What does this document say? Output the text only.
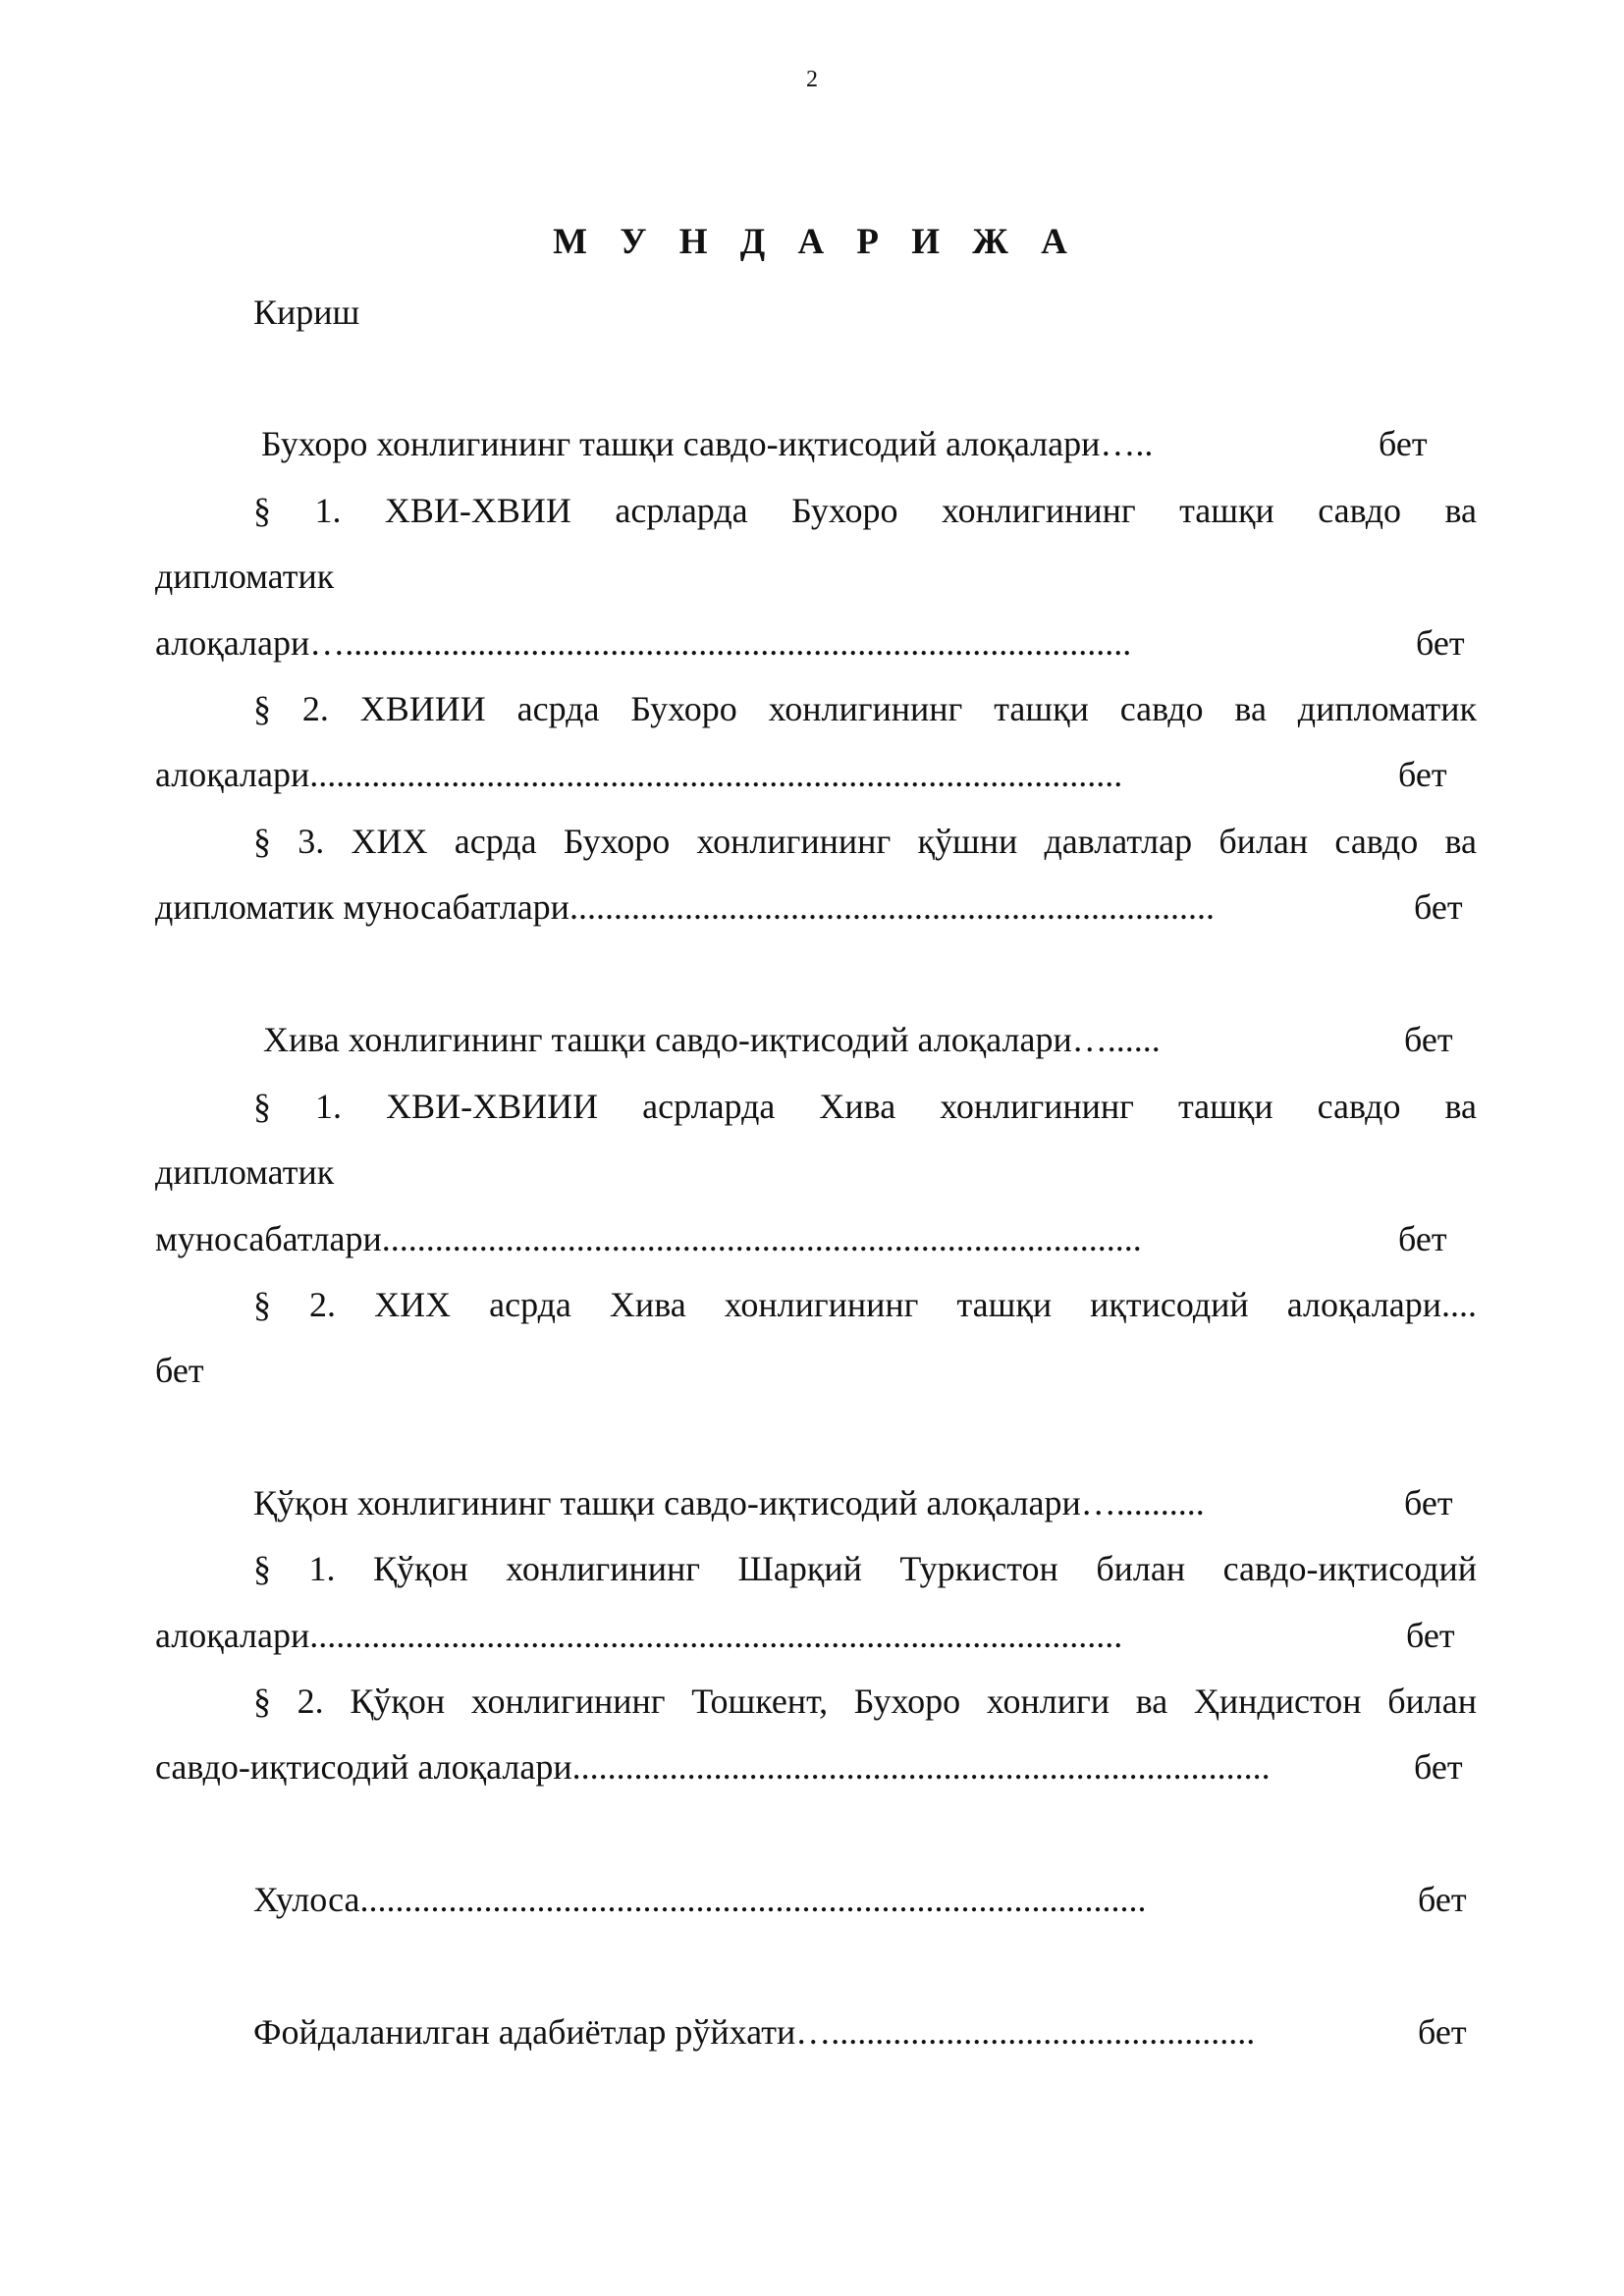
2
М У Н Д А Р И Ж А
Кириш
Бухоро хонлигининг ташқи савдо-иқтисодий алоқалари…..	бет
§ 1. ХВИ-ХВИИ асрларда Бухоро хонлигининг ташқи савдо ва
дипломатик
алоқалари….........................................................................................	бет
§ 2. ХВИИИ асрда Бухоро хонлигининг ташқи савдо ва дипломатик
алоқалари............................................................................................	бет
§ 3. ХИХ асрда Бухоро хонлигининг қўшни давлатлар билан савдо ва
дипломатик муносабатлари.........................................................................	бет
Хива хонлигининг ташқи савдо-иқтисодий алоқалари…......	бет
§ 1. ХВИ-ХВИИИ асрларда Хива хонлигининг ташқи савдо ва
дипломатик
муносабатлари......................................................................................	бет
§ 2. ХИХ асрда Хива хонлигининг ташқи иқтисодий алоқалари....
бет
Қўқон хонлигининг ташқи савдо-иқтисодий алоқалари…..........	бет
§ 1. Қўқон хонлигининг Шарқий Туркистон билан савдо-иқтисодий
алоқалари............................................................................................	бет
§ 2. Қўқон хонлигининг Тошкент, Бухоро хонлиги ва Ҳиндистон билан
савдо-иқтисодий алоқалари...............................................................................	бет
Хулоса.........................................................................................	бет
Фойдаланилган адабиётлар рўйхати…................................................	бет
